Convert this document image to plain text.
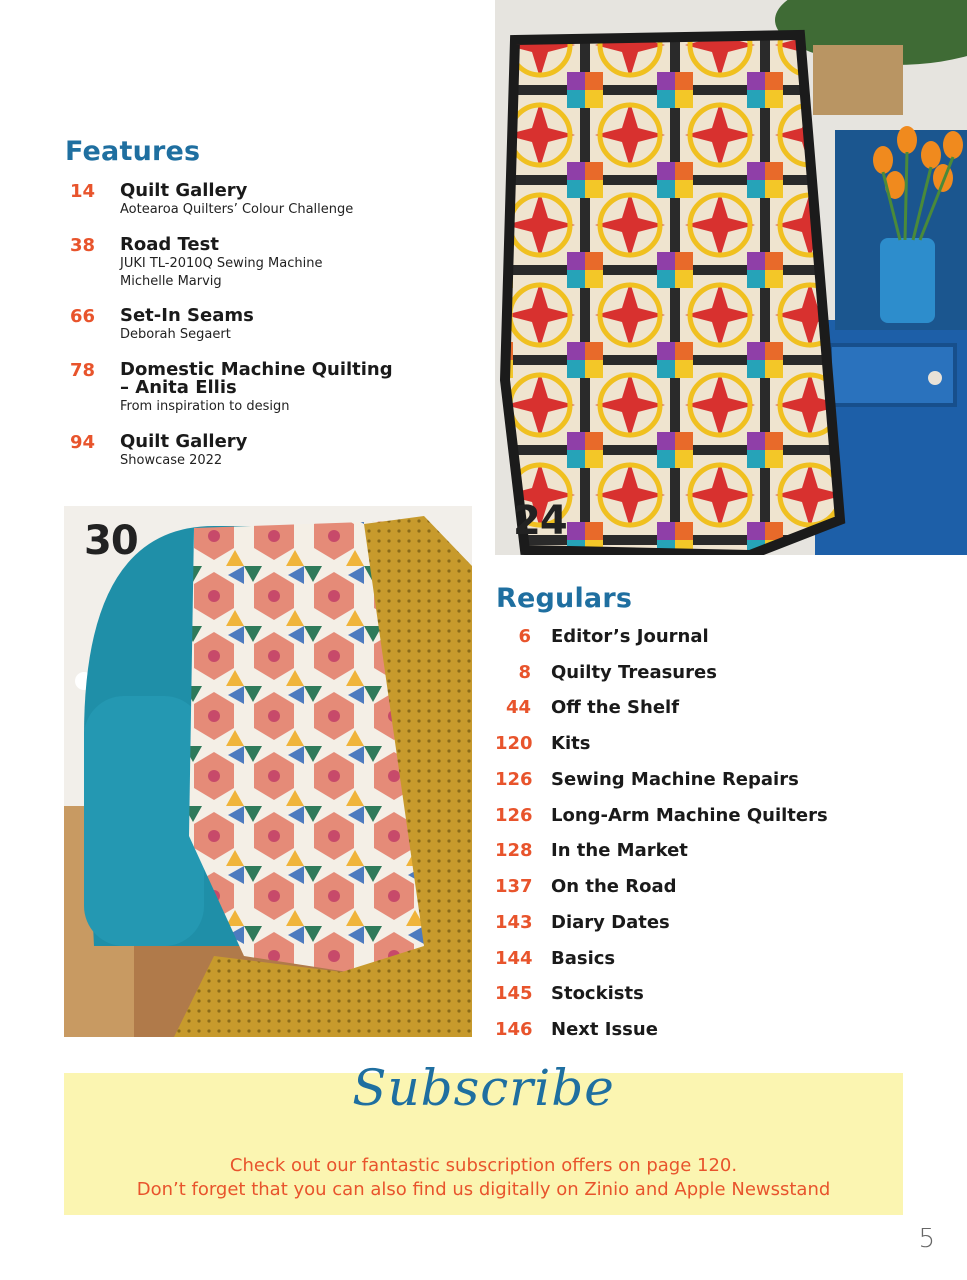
Features
14 Quilt Gallery
Aotearoa Quilters’ Colour Challenge
38 Road Test
JUKI TL-2010Q Sewing Machine
Michelle Marvig
66 Set-In Seams
Deborah Segaert
78 Domestic Machine Quilting
– Anita Ellis
From inspiration to design
94 Quilt Gallery
Showcase 2022
24
30
Regulars
6 Editor’s Journal
8 Quilty Treasures
44 Off the Shelf
120 Kits
126 Sewing Machine Repairs
126 Long-Arm Machine Quilters
128 In the Market
137 On the Road
143 Diary Dates
144 Basics
145 Stockists
146 Next Issue
Subscribe
Check out our fantastic subscription offers on page 120.
Don’t forget that you can also find us digitally on Zinio and Apple Newsstand
5
